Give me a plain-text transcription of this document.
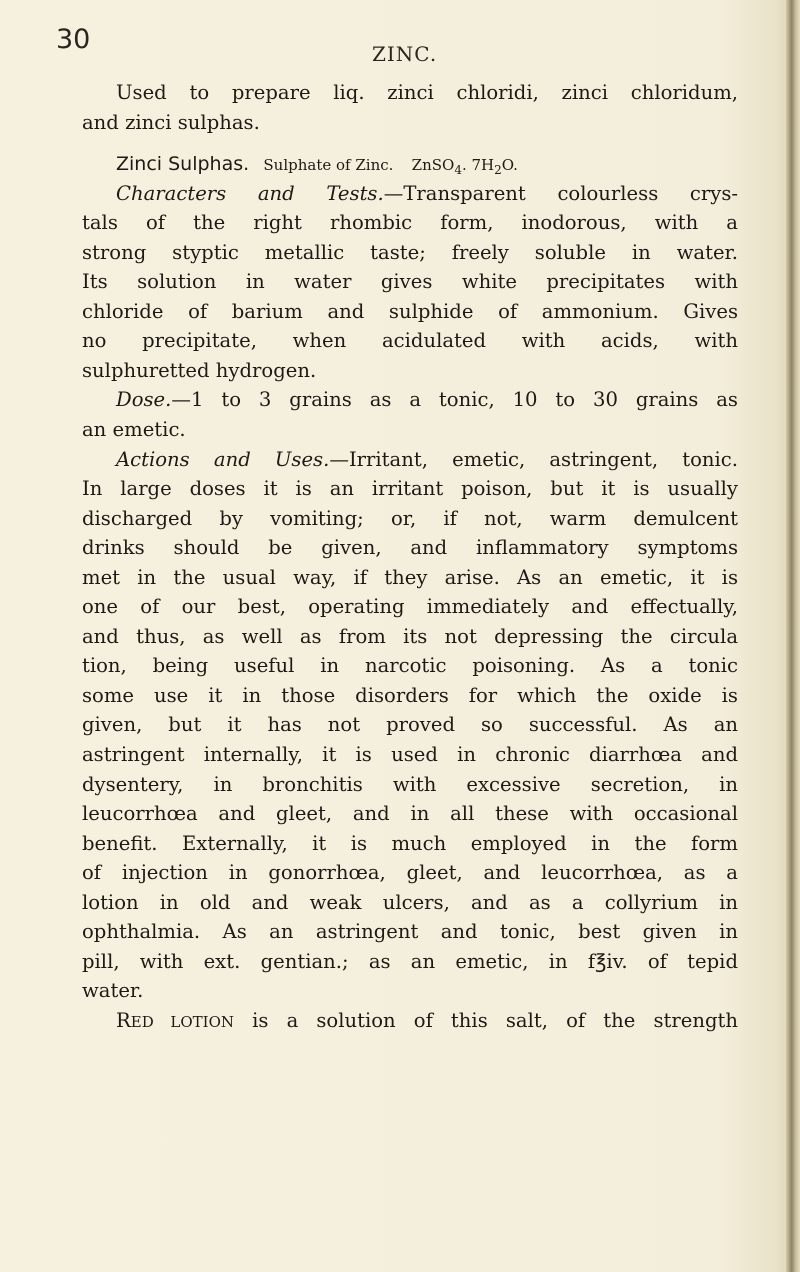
30	ZINC.
Used to prepare liq. zinci chloridi, zinci chloridum,
and zinci sulphas.
Zinci Sulphas. Sulphate of Zinc. ZnSO$_4$. $7H_2O$.
Characters and Tests.—Transparent colourless crys-
tals of the right rhombic form, inodorous, with a
strong styptic metallic taste; freely soluble in water.
Its solution in water gives white precipitates with
chloride of barium and sulphide of ammonium. Gives
no precipitate, when acidulated with acids, with
sulphuretted hydrogen.
Dose.—1 to 3 grains as a tonic, 10 to 30 grains as
an emetic.
Actions and Uses.—Irritant, emetic, astringent, tonic.
In large doses it is an irritant poison, but it is usually
discharged by vomiting; or, if not, warm demulcent
drinks should be given, and inflammatory symptoms
met in the usual way, if they arise. As an emetic, it is
one of our best, operating immediately and effectually,
and thus, as well as from its not depressing the circula
tion, being useful in narcotic poisoning. As a tonic
some use it in those disorders for which the oxide is
given, but it has not proved so successful. As an
astringent internally, it is used in chronic diarrhœa and
dysentery, in bronchitis with excessive secretion, in
leucorrhœa and gleet, and in all these with occasional
benefit. Externally, it is much employed in the form
of injection in gonorrhœa, gleet, and leucorrhœa, as a
lotion in old and weak ulcers, and as a collyrium in
ophthalmia. As an astringent and tonic, best given in
pill, with ext. gentian.; as an emetic, in f℥iv. of tepid
water.
RED LOTION is a solution of this salt, of the strength
